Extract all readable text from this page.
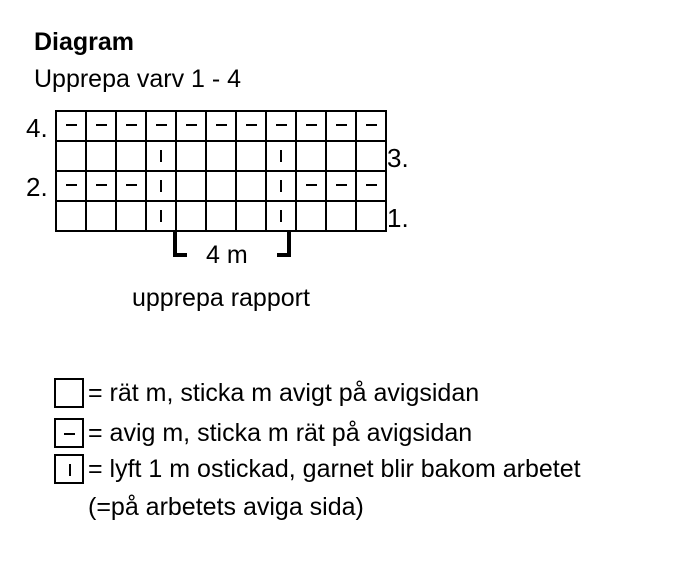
Diagram
Upprepa varv 1 - 4
4.
3.
2.
1.
4 m
upprepa rapport
= rät m, sticka m avigt på avigsidan
= avig m, sticka m rät på avigsidan
= lyft 1 m ostickad, garnet blir bakom arbetet
(=på arbetets aviga sida)
